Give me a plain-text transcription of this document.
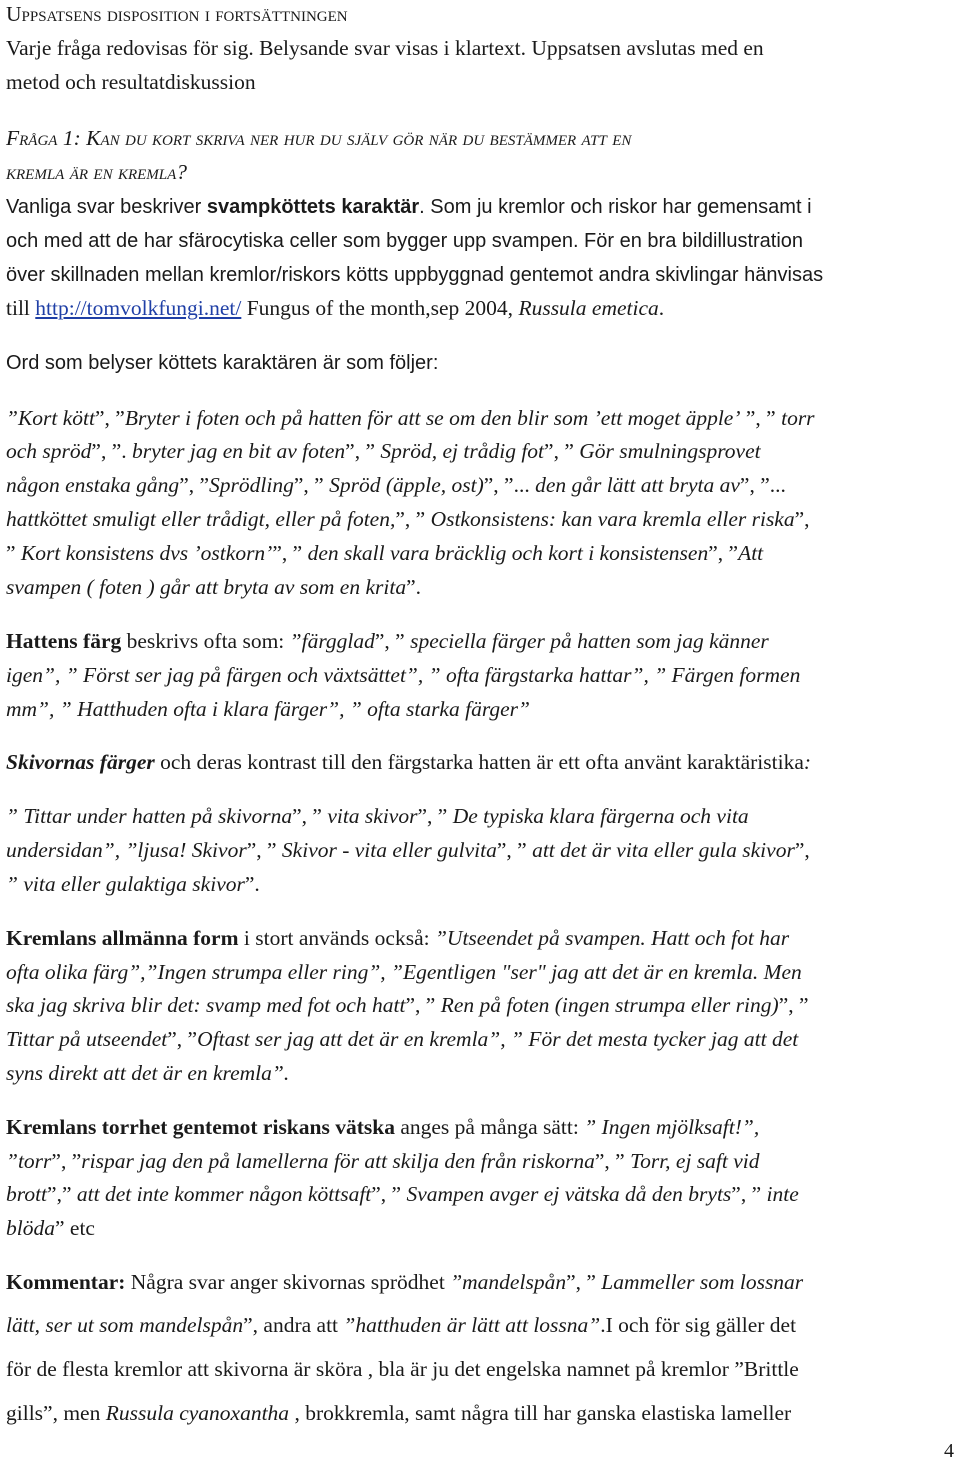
Uppsatsens disposition i fortsättningen
Varje fråga redovisas för sig. Belysande svar visas i klartext. Uppsatsen avslutas med en
metod och resultatdiskussion
Fråga 1: Kan du kort skriva ner hur du själv gör när du bestämmer att en
kremla är en kremla?
Vanliga svar beskriver svampköttets karaktär. Som ju kremlor och riskor har gemensamt i
och med att de har sfärocytiska celler som bygger upp svampen. För en bra bildillustration
över skillnaden mellan kremlor/riskors kötts uppbyggnad gentemot andra skivlingar hänvisas
till http://tomvolkfungi.net/ Fungus of the month,sep 2004, Russula emetica.
Ord som belyser köttets karaktären är som följer:
”Kort kött”, ”Bryter i foten och på hatten för att se om den blir som ’ett moget äpple’ ”, ” torr
och spröd”, ”. bryter jag en bit av foten”, ” Spröd, ej trådig fot”, ” Gör smulningsprovet
någon enstaka gång”, ”Sprödling”, ” Spröd (äpple, ost)”, ”... den går lätt att bryta av”, ”...
hattköttet smuligt eller trådigt, eller på foten,”, ” Ostkonsistens: kan vara kremla eller riska”,
” Kort konsistens dvs ’ostkorn’”, ” den skall vara bräcklig och kort i konsistensen”, ”Att
svampen ( foten ) går att bryta av som en krita”.
Hattens färg beskrivs ofta som: ”färgglad”, ” speciella färger på hatten som jag känner
igen”, ” Först ser jag på färgen och växtsättet”, ” ofta färgstarka hattar”, ” Färgen formen
mm”, ” Hatthuden ofta i klara färger”, ” ofta starka färger”
Skivornas färger och deras kontrast till den färgstarka hatten är ett ofta använt karaktäristika:
” Tittar under hatten på skivorna”, ” vita skivor”, ” De typiska klara färgerna och vita
undersidan”, ”ljusa! Skivor”, ” Skivor - vita eller gulvita”, ” att det är vita eller gula skivor”,
” vita eller gulaktiga skivor”.
Kremlans allmänna form i stort används också: ”Utseendet på svampen. Hatt och fot har
ofta olika färg”,”Ingen strumpa eller ring”, ”Egentligen "ser" jag att det är en kremla. Men
ska jag skriva blir det: svamp med fot och hatt”, ” Ren på foten (ingen strumpa eller ring)”, ”
Tittar på utseendet”, ”Oftast ser jag att det är en kremla”, ” För det mesta tycker jag att det
syns direkt att det är en kremla”.
Kremlans torrhet gentemot riskans vätska anges på många sätt: ” Ingen mjölksaft!”,
”torr”, ”rispar jag den på lamellerna för att skilja den från riskorna”, ” Torr, ej saft vid
brott”,” att det inte kommer någon köttsaft”, ” Svampen avger ej vätska då den bryts”, ” inte
blöda” etc
Kommentar: Några svar anger skivornas sprödhet ”mandelspån”, ” Lammeller som lossnar
lätt, ser ut som mandelspån”, andra att ”hatthuden är lätt att lossna”.I och för sig gäller det
för de flesta kremlor att skivorna är sköra , bla är ju det engelska namnet på kremlor ”Brittle
gills”, men Russula cyanoxantha , brokkremla, samt några till har ganska elastiska lameller
4
